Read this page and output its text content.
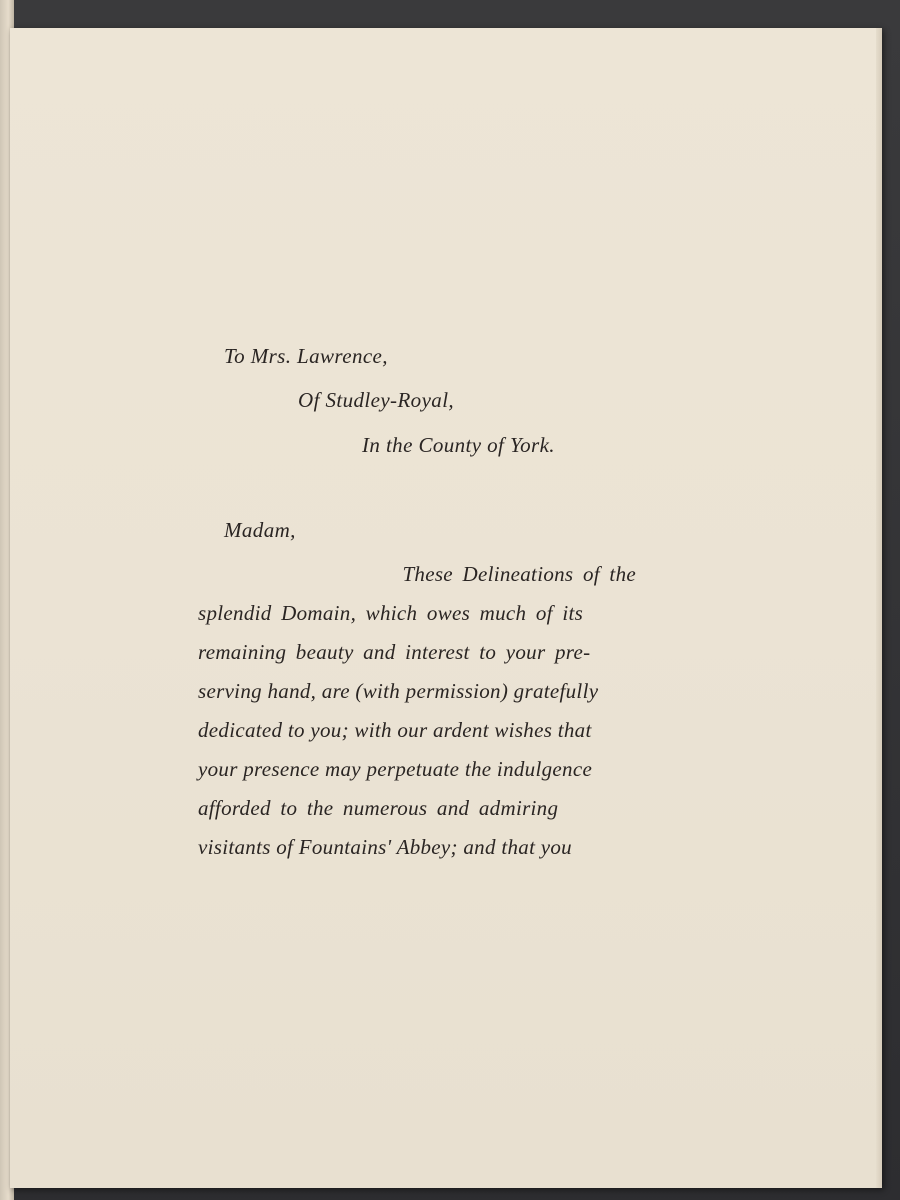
To Mrs. Lawrence,
Of Studley-Royal,
In the County of York.
Madam,
These Delineations of the
splendid Domain, which owes much of its
remaining beauty and interest to your pre-
serving hand, are (with permission) gratefully
dedicated to you; with our ardent wishes that
your presence may perpetuate the indulgence
afforded to the numerous and admiring
visitants of Fountains' Abbey; and that you
